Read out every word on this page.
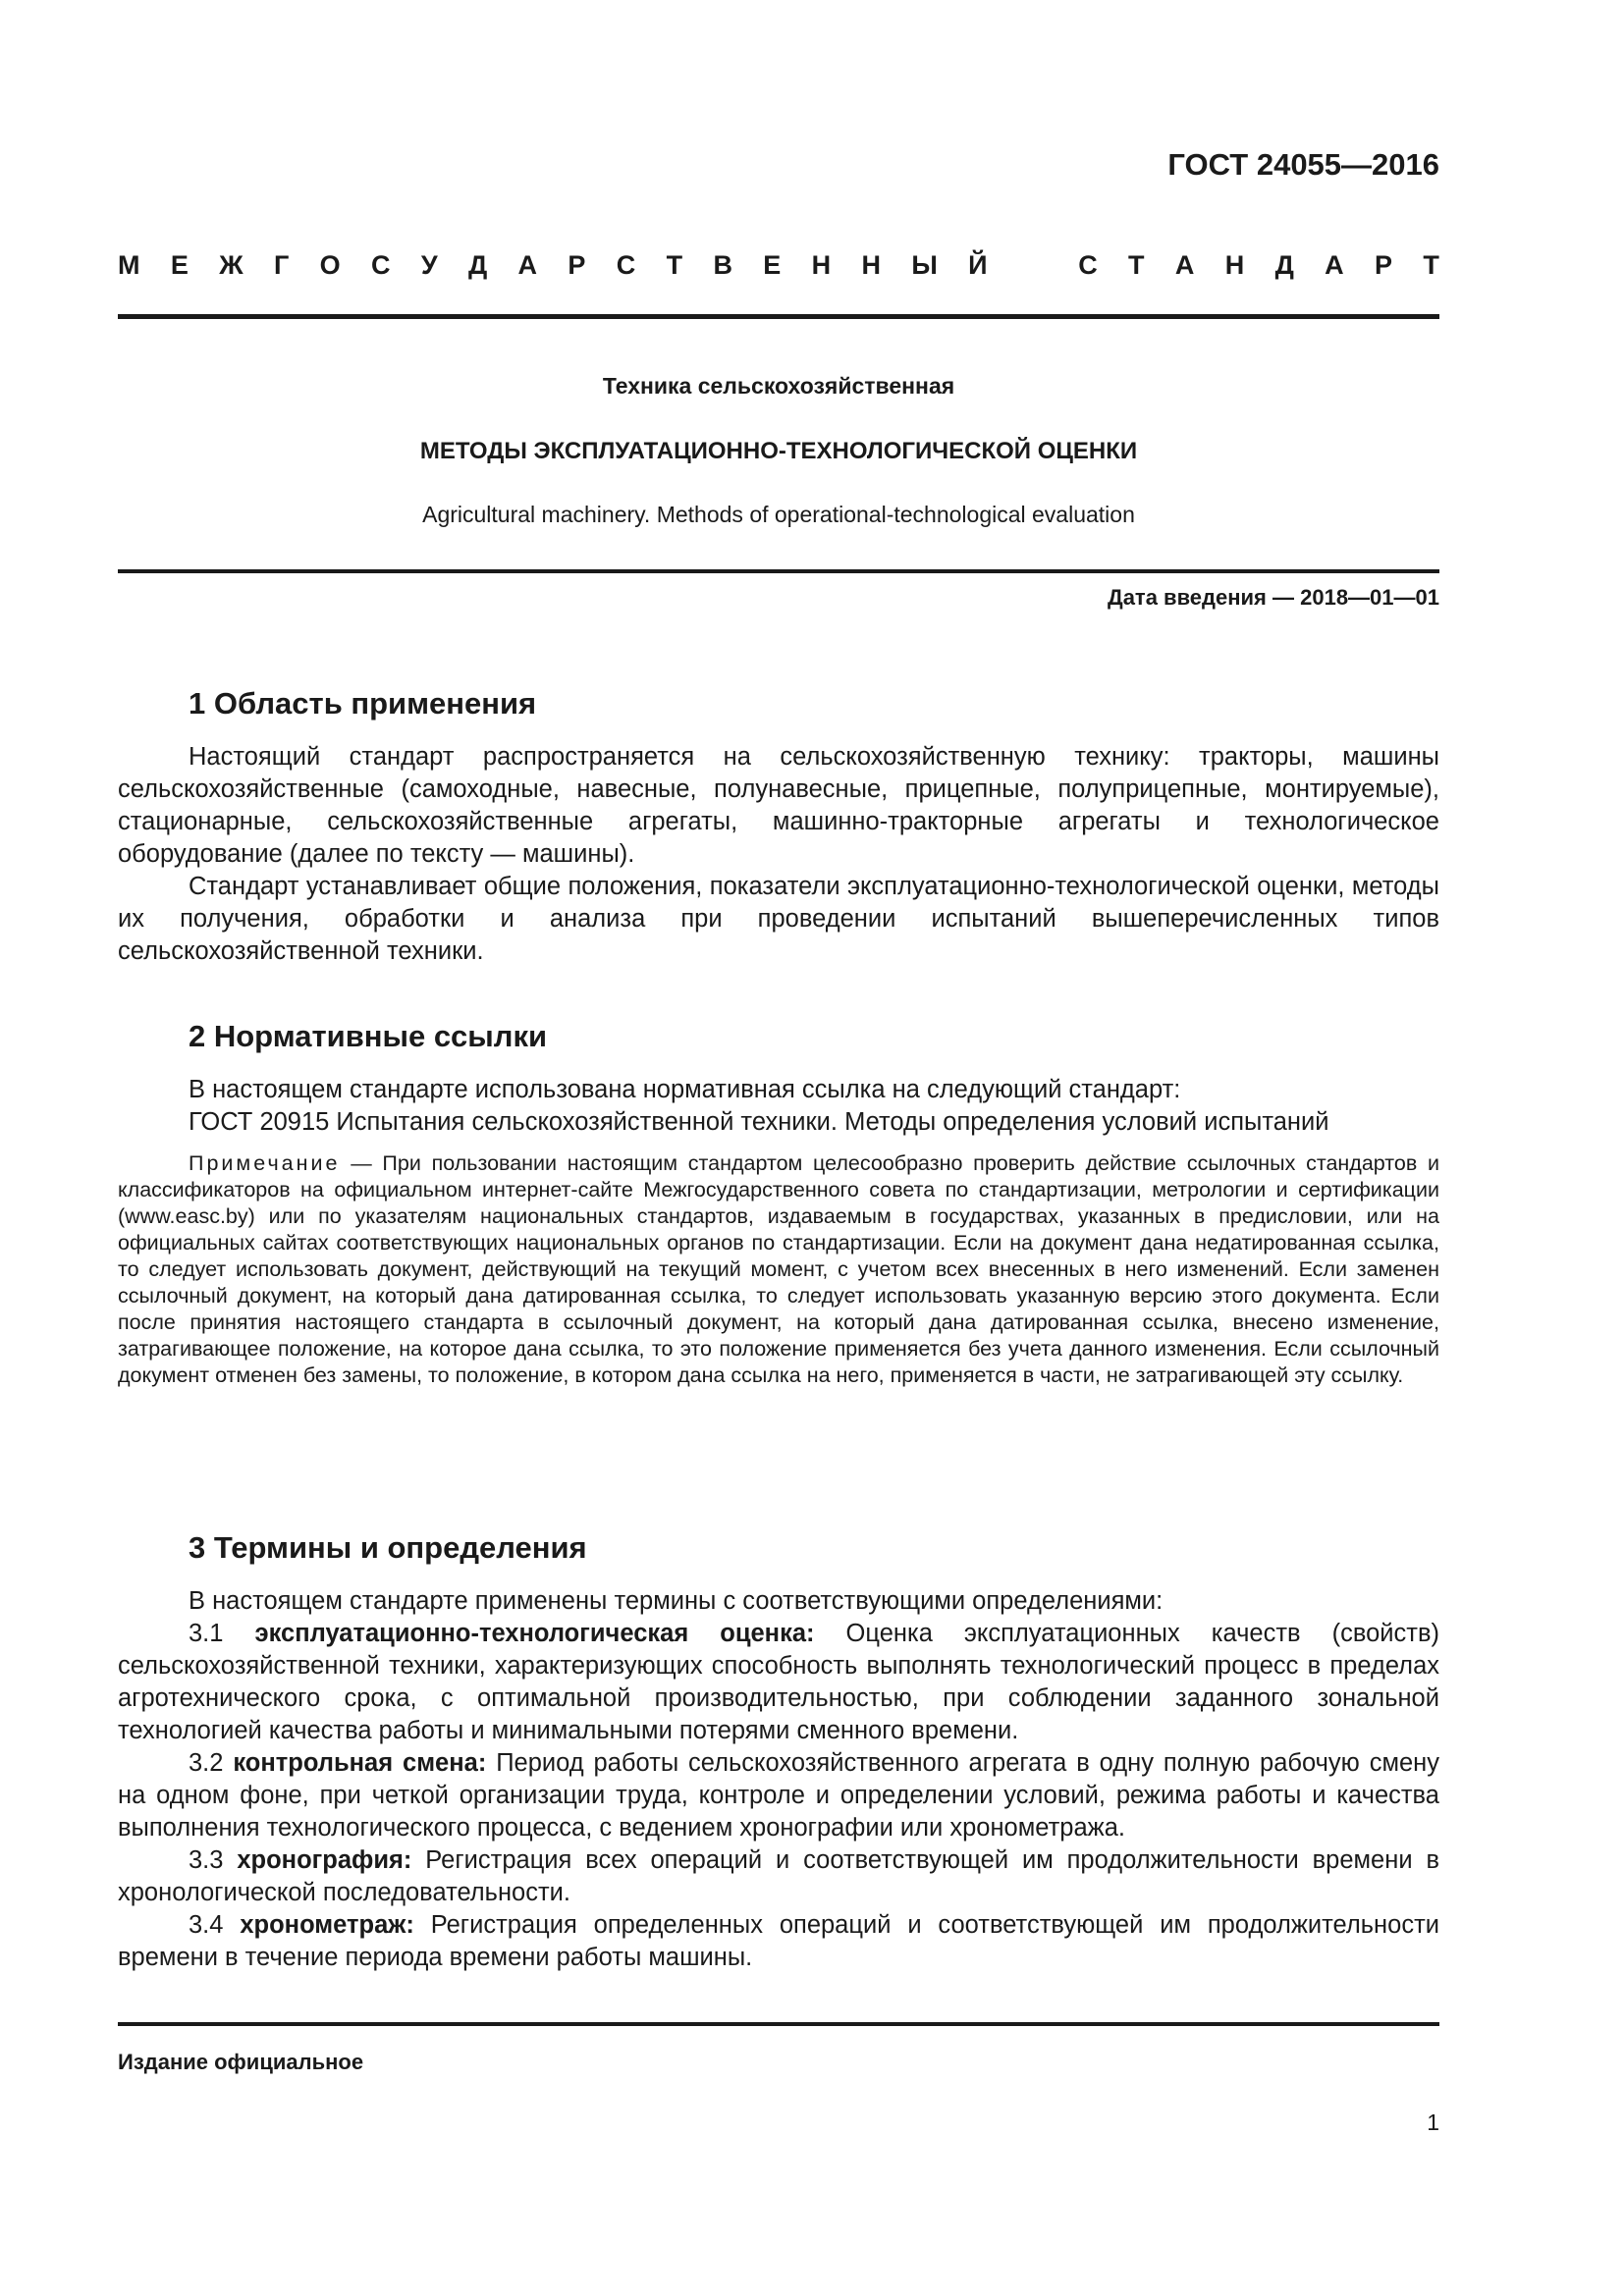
ГОСТ 24055—2016

М Е Ж Г О С У Д А Р С Т В Е Н Н Ы Й	С Т А Н Д А Р Т

Техника сельскохозяйственная

МЕТОДЫ ЭКСПЛУАТАЦИОННО-ТЕХНОЛОГИЧЕСКОЙ ОЦЕНКИ

Agricultural machinery. Methods of operational-technological evaluation

Дата введения — 2018—01—01

1 Область применения

Настоящий стандарт распространяется на сельскохозяйственную технику: тракторы, машины сельскохозяйственные (самоходные, навесные, полунавесные, прицепные, полуприцепные, монтируемые), стационарные, сельскохозяйственные агрегаты, машинно-тракторные агрегаты и технологическое оборудование (далее по тексту — машины).

Стандарт устанавливает общие положения, показатели эксплуатационно-технологической оценки, методы их получения, обработки и анализа при проведении испытаний вышеперечисленных типов сельскохозяйственной техники.

2 Нормативные ссылки

В настоящем стандарте использована нормативная ссылка на следующий стандарт:

ГОСТ 20915 Испытания сельскохозяйственной техники. Методы определения условий испытаний

Примечание — При пользовании настоящим стандартом целесообразно проверить действие ссылочных стандартов и классификаторов на официальном интернет-сайте Межгосударственного совета по стандартизации, метрологии и сертификации (www.easc.by) или по указателям национальных стандартов, издаваемым в государствах, указанных в предисловии, или на официальных сайтах соответствующих национальных органов по стандартизации. Если на документ дана недатированная ссылка, то следует использовать документ, действующий на текущий момент, с учетом всех внесенных в него изменений. Если заменен ссылочный документ, на который дана датированная ссылка, то следует использовать указанную версию этого документа. Если после принятия настоящего стандарта в ссылочный документ, на который дана датированная ссылка, внесено изменение, затрагивающее положение, на которое дана ссылка, то это положение применяется без учета данного изменения. Если ссылочный документ отменен без замены, то положение, в котором дана ссылка на него, применяется в части, не затрагивающей эту ссылку.

3 Термины и определения

В настоящем стандарте применены термины с соответствующими определениями:

3.1 эксплуатационно-технологическая оценка: Оценка эксплуатационных качеств (свойств) сельскохозяйственной техники, характеризующих способность выполнять технологический процесс в пределах агротехнического срока, с оптимальной производительностью, при соблюдении заданного зональной технологией качества работы и минимальными потерями сменного времени.

3.2 контрольная смена: Период работы сельскохозяйственного агрегата в одну полную рабочую смену на одном фоне, при четкой организации труда, контроле и определении условий, режима работы и качества выполнения технологического процесса, с ведением хронографии или хронометража.

3.3 хронография: Регистрация всех операций и соответствующей им продолжительности времени в хронологической последовательности.

3.4 хронометраж: Регистрация определенных операций и соответствующей им продолжительности времени в течение периода времени работы машины.

Издание официальное

1
